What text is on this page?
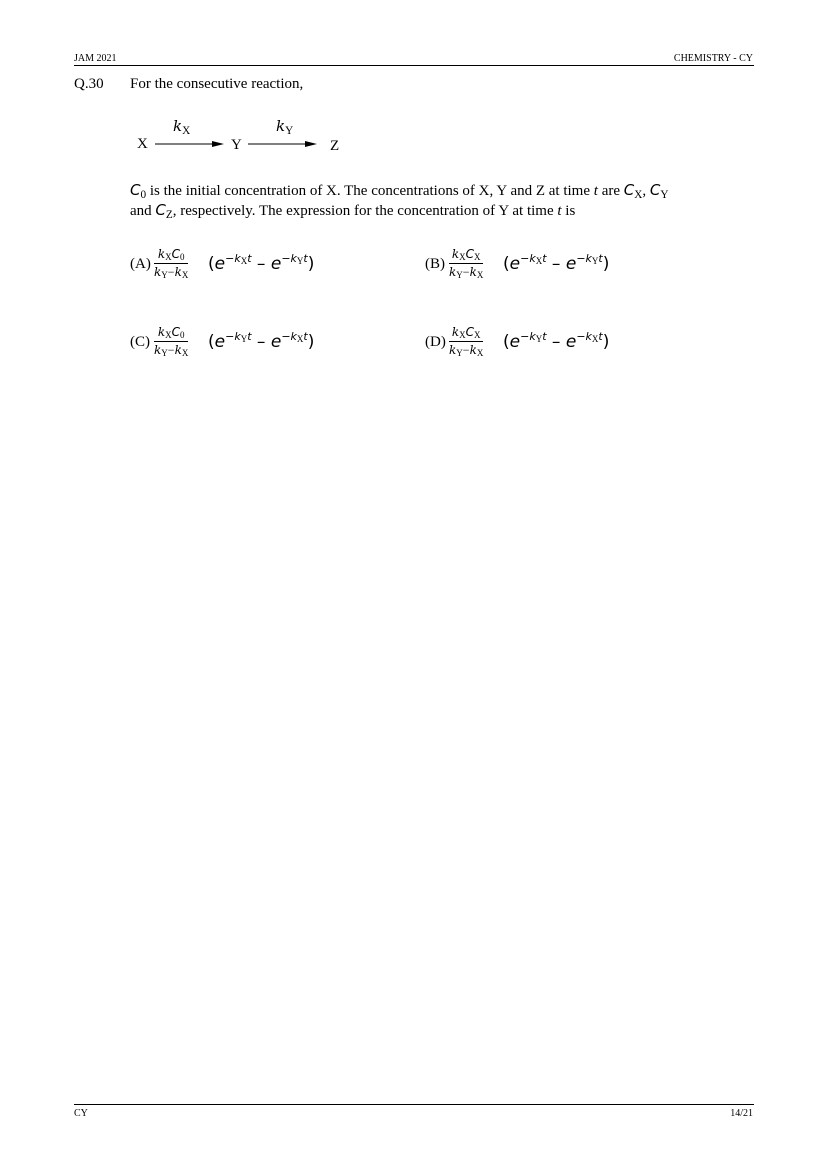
JAM 2021	CHEMISTRY - CY
Q.30 For the consecutive reaction,
X	Y	Z
kX	kY
C0 is the initial concentration of X. The concentrations of X, Y and Z at time t are CX, CY
and CZ, respectively. The expression for the concentration of Y at time t is
(A)
kXC0
kY−kX
$(e^{-kXt} - e^{-kYt})$	(B)
kXCX
kY−kX
$(e^{-kXt} - e^{-kYt})$
(C)
kXC0
kY−kX
$(e^{-kYt} - e^{-kXt})$	(D)
kXCX
kY−kX
$(e^{-kYt} - e^{-kXt})$
CY	14/21
